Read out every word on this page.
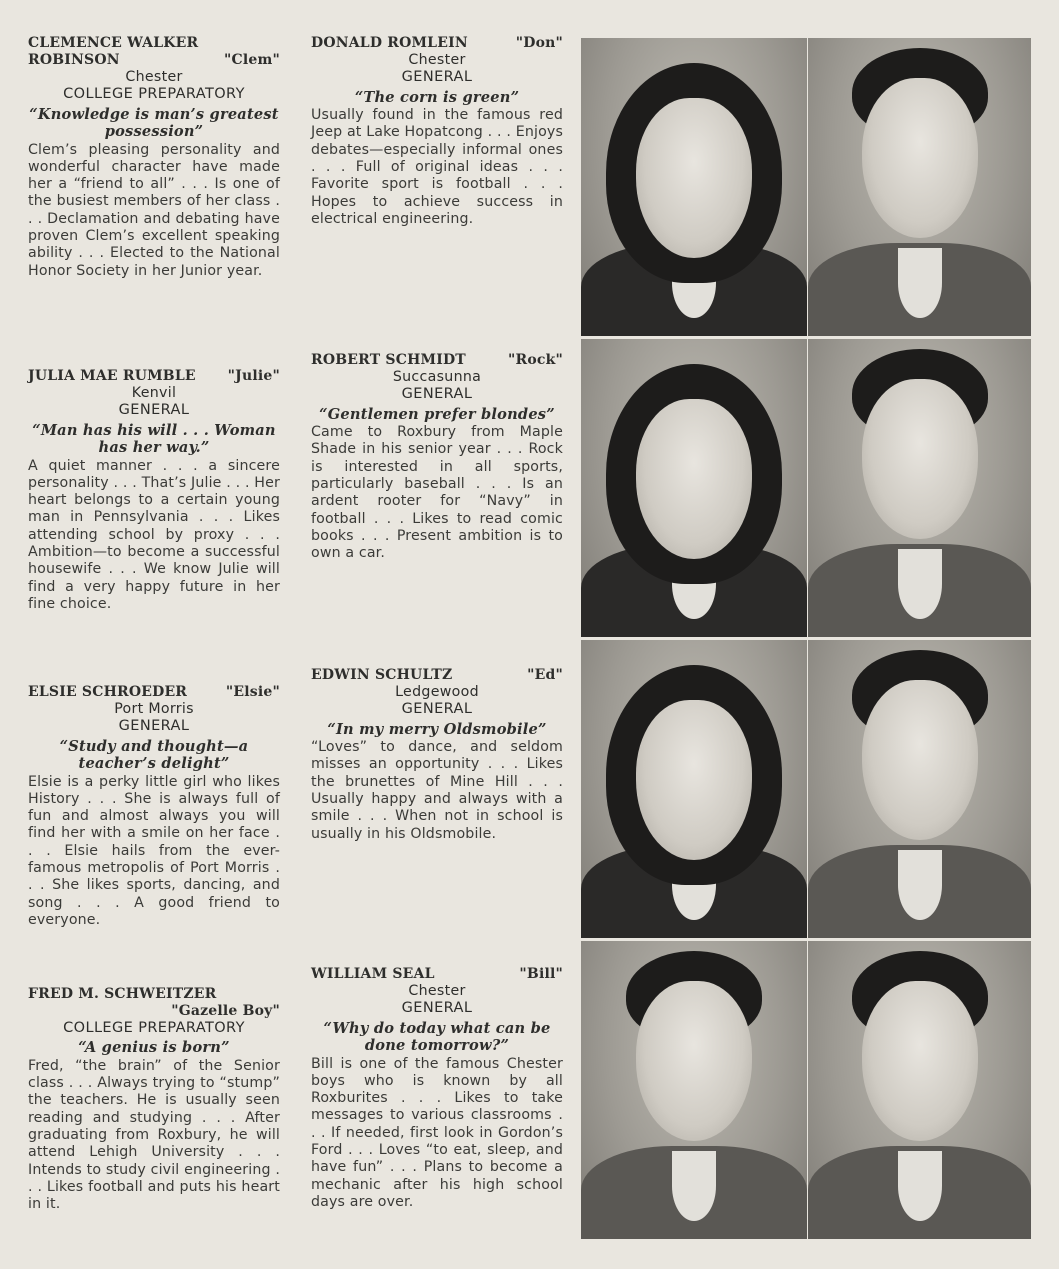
CLEMENCE WALKER
ROBINSON	"Clem"
Chester
COLLEGE PREPARATORY
“Knowledge is man’s greatest possession”
Clem’s pleasing personality and wonderful character have made her a “friend to all” . . . Is one of the busiest members of her class . . . Declamation and debating have proven Clem’s excellent speaking ability . . . Elected to the National Honor Society in her Junior year.
DONALD ROMLEIN	"Don"
Chester
GENERAL
“The corn is green”
Usually found in the famous red Jeep at Lake Hopatcong . . . Enjoys debates—especially informal ones . . . Full of original ideas . . . Favorite sport is football . . . Hopes to achieve success in electrical engineering.
JULIA MAE RUMBLE	"Julie"
Kenvil
GENERAL
“Man has his will . . . Woman has her way.”
A quiet manner . . . a sincere personality . . . That’s Julie . . . Her heart belongs to a certain young man in Pennsylvania . . . Likes attending school by proxy . . . Ambition—to become a successful housewife . . . We know Julie will find a very happy future in her fine choice.
ROBERT SCHMIDT	"Rock"
Succasunna
GENERAL
“Gentlemen prefer blondes”
Came to Roxbury from Maple Shade in his senior year . . . Rock is interested in all sports, particularly baseball . . . Is an ardent rooter for “Navy” in football . . . Likes to read comic books . . . Present ambition is to own a car.
ELSIE SCHROEDER	"Elsie"
Port Morris
GENERAL
“Study and thought—a teacher’s delight”
Elsie is a perky little girl who likes History . . . She is always full of fun and almost always you will find her with a smile on her face . . . Elsie hails from the ever-famous metropolis of Port Morris . . . She likes sports, dancing, and song . . . A good friend to everyone.
EDWIN SCHULTZ	"Ed"
Ledgewood
GENERAL
“In my merry Oldsmobile”
“Loves” to dance, and seldom misses an opportunity . . . Likes the brunettes of Mine Hill . . . Usually happy and always with a smile . . . When not in school is usually in his Oldsmobile.
FRED M. SCHWEITZER

"Gazelle Boy"
COLLEGE PREPARATORY
“A genius is born”
Fred, “the brain” of the Senior class . . . Always trying to “stump” the teachers. He is usually seen reading and studying . . . After graduating from Roxbury, he will attend Lehigh University . . . Intends to study civil engineering . . . Likes football and puts his heart in it.
WILLIAM SEAL	"Bill"
Chester
GENERAL
“Why do today what can be done tomorrow?”
Bill is one of the famous Chester boys who is known by all Roxburites . . . Likes to take messages to various classrooms . . . If needed, first look in Gordon’s Ford . . . Loves “to eat, sleep, and have fun” . . . Plans to become a mechanic after his high school days are over.
